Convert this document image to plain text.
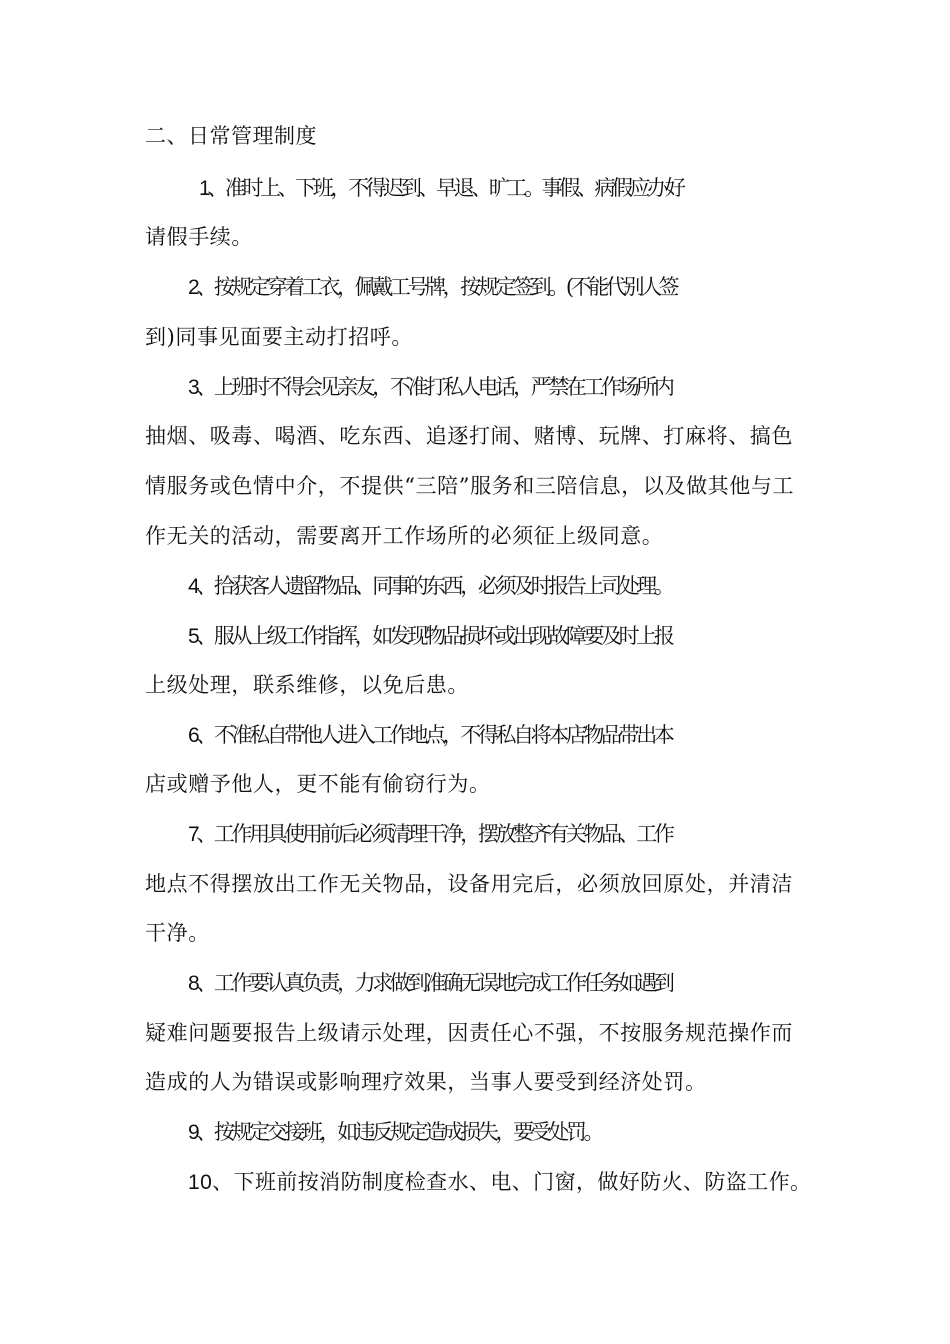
二、日常管理制度
1、准时上、下班，不得迟到、早退、旷工。事假、病假应办好
请假手续。
2、按规定穿着工衣，佩戴工号牌，按规定签到。(不能代别人签
到)同事见面要主动打招呼。
3、上班时不得会见亲友，不准打私人电话，严禁在工作场所内
抽烟、吸毒、喝酒、吃东西、追逐打闹、赌博、玩牌、打麻将、搞色
情服务或色情中介，不提供“三陪”服务和三陪信息，以及做其他与工
作无关的活动，需要离开工作场所的必须征上级同意。
4、拾获客人遗留物品、同事的东西，必须及时报告上司处理。
5、服从上级工作指挥，如发现物品损坏或出现故障要及时上报
上级处理，联系维修，以免后患。
6、不准私自带他人进入工作地点，不得私自将本店物品带出本
店或赠予他人，更不能有偷窃行为。
7、工作用具使用前后必须清理干净，摆放整齐有关物品、工作
地点不得摆放出工作无关物品，设备用完后，必须放回原处，并清洁
干净。
8、工作要认真负责，力求做到准确无误地完成工作任务如遇到
疑难问题要报告上级请示处理，因责任心不强，不按服务规范操作而
造成的人为错误或影响理疗效果，当事人要受到经济处罚。
9、按规定交接班，如违反规定造成损失，要受处罚。
10、下班前按消防制度检查水、电、门窗，做好防火、防盗工作。
